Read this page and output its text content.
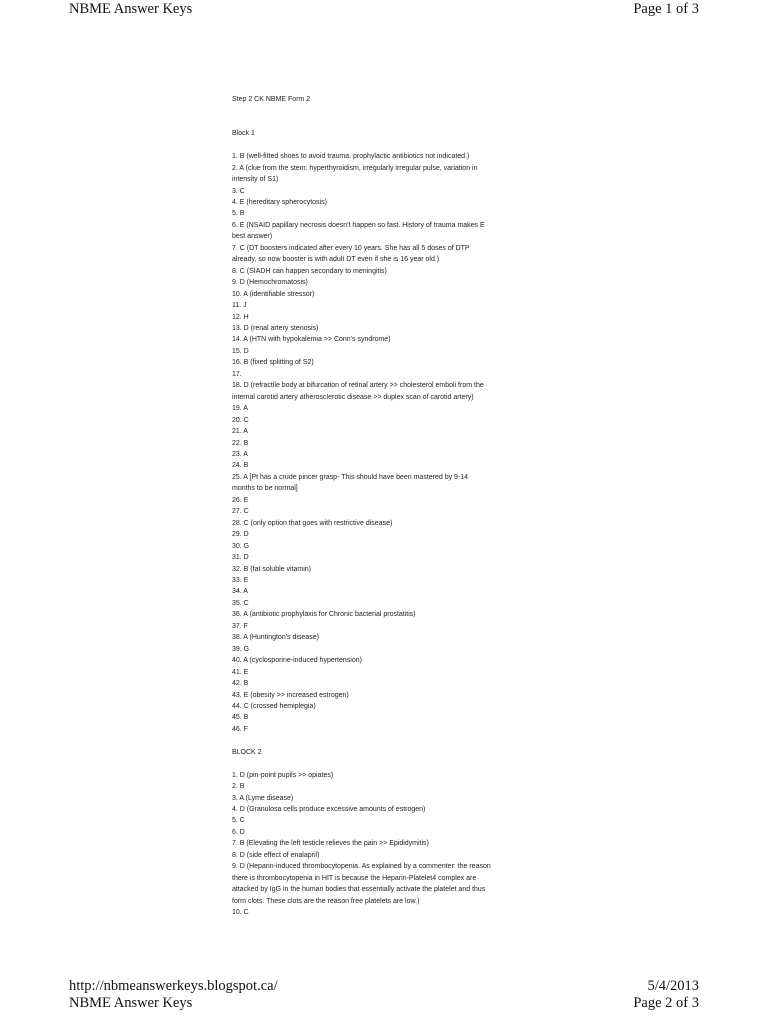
NBME Answer Keys	Page 1 of 3
Step 2 CK NBME Form 2
Block 1
1. B (well-fitted shoes to avoid trauma. prophylactic antibiotics not indicated.)
2. A (clue from the stem: hyperthyroidism, irregularly irregular pulse, variation in
intensity of S1)
3. C
4. E (hereditary spherocytosis)
5. B
6. E (NSAID papillary necrosis doesn't happen so fast. History of trauma makes E
best answer)
7. C (DT boosters indicated after every 10 years. She has all 5 doses of DTP
already, so now booster is with adult DT even if she is 16 year old.)
8. C (SIADH can happen secondary to meningitis)
9. D (Hemochromatosis)
10. A (identifiable stressor)
11. J
12. H
13. D (renal artery stenosis)
14. A (HTN with hypokalemia >> Conn's syndrome)
15. D
16. B (fixed splitting of S2)
17.
18. D (refractile body at bifurcation of retinal artery >> cholesterol emboli from the
internal carotid artery atherosclerotic disease >> duplex scan of carotid artery)
19. A
20. C
21. A
22. B
23. A
24. B
25. A [Pt has a crude pincer grasp- This should have been mastered by 9-14
months to be normal]
26. E
27. C
28. C (only option that goes with restrictive disease)
29. D
30. G
31. D
32. B (fat soluble vitamin)
33. E
34. A
35. C
36. A (antibiotic prophylaxis for Chronic bacterial prostatitis)
37. F
38. A (Huntington's disease)
39. G
40. A (cyclosporine-induced hypertension)
41. E
42. B
43. E (obesity >> increased estrogen)
44. C (crossed hemiplegia)
45. B
46. F
BLOCK 2
1. D (pin-point pupils >> opiates)
2. B
3. A (Lyme disease)
4. D (Granulosa cells produce excessive amounts of estrogen)
5. C
6. D
7. B (Elevating the left testicle relieves the pain >> Epididymitis)
8. D (side effect of enalapril)
9. D (Heparin-induced thrombocytopenia. As explained by a commenter: the reason
there is thrombocytopenia in HIT is because the Heparin-Platelet4 complex are
attacked by IgG in the human bodies that essentially activate the platelet and thus
form clots. These clots are the reason free platelets are low.)
10. C
http://nbmeanswerkeys.blogspot.ca/	5/4/2013
NBME Answer Keys	Page 2 of 3
